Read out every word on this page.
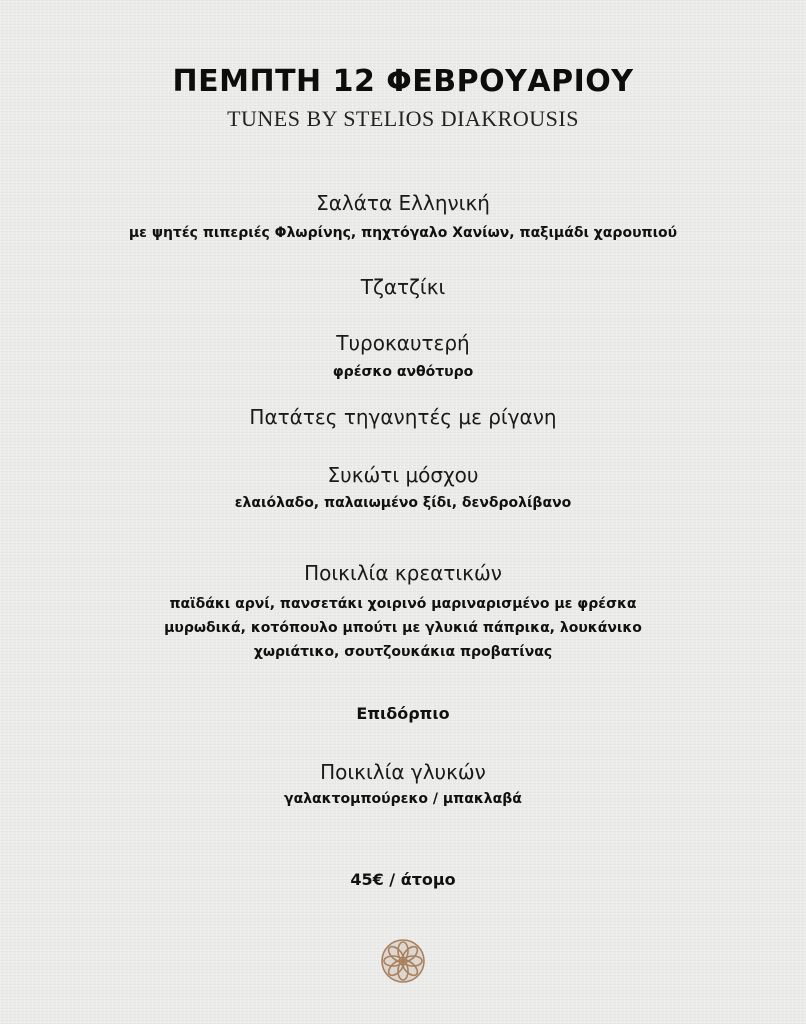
ΠΕΜΠΤΗ 12 ΦΕΒΡΟΥΑΡΙΟΥ
TUNES BY STELIOS DIAKROUSIS
Σαλάτα Ελληνική
με ψητές πιπεριές Φλωρίνης, πηχτόγαλο Χανίων, παξιμάδι χαρουπιού
Τζατζίκι
Τυροκαυτερή
φρέσκο ανθότυρο
Πατάτες τηγανητές με ρίγανη
Συκώτι μόσχου
ελαιόλαδο, παλαιωμένο ξίδι, δενδρολίβανο
Ποικιλία κρεατικών
παϊδάκι αρνί, πανσετάκι χοιρινό μαριναρισμένο με φρέσκα
μυρωδικά, κοτόπουλο μπούτι με γλυκιά πάπρικα, λουκάνικο
χωριάτικο, σουτζουκάκια προβατίνας
Επιδόρπιο
Ποικιλία γλυκών
γαλακτομπούρεκο / μπακλαβά
45€ / άτομο
